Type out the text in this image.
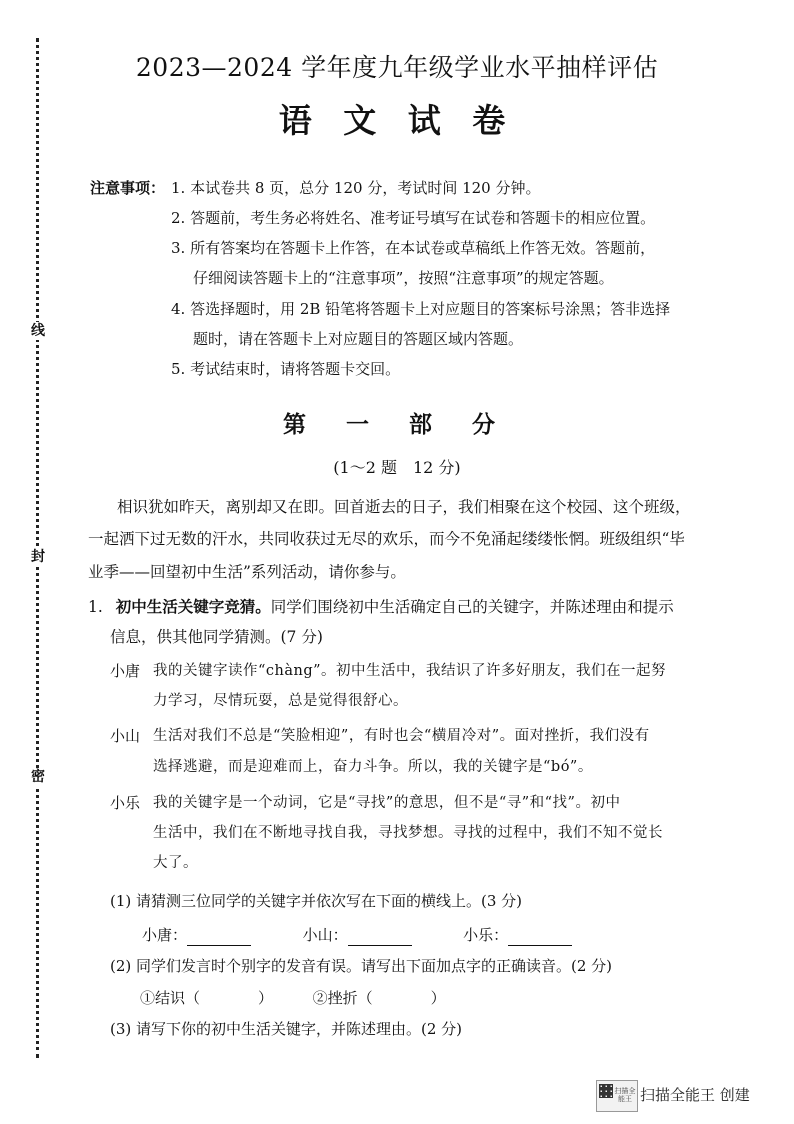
线
封
密
2023—2024 学年度九年级学业水平抽样评估
语 文 试 卷
注意事项： 1. 本试卷共 8 页，总分 120 分，考试时间 120 分钟。
2. 答题前，考生务必将姓名、准考证号填写在试卷和答题卡的相应位置。
3. 所有答案均在答题卡上作答，在本试卷或草稿纸上作答无效。答题前，
仔细阅读答题卡上的“注意事项”，按照“注意事项”的规定答题。
4. 答选择题时，用 2B 铅笔将答题卡上对应题目的答案标号涂黑；答非选择
题时，请在答题卡上对应题目的答题区域内答题。
5. 考试结束时，请将答题卡交回。
第 一 部 分
(1～2 题　12 分)
相识犹如昨天，离别却又在即。回首逝去的日子，我们相聚在这个校园、这个班级，
一起洒下过无数的汗水，共同收获过无尽的欢乐，而今不免涌起缕缕怅惘。班级组织“毕
业季——回望初中生活”系列活动，请你参与。
1. 初中生活关键字竞猜。同学们围绕初中生活确定自己的关键字，并陈述理由和提示
信息，供其他同学猜测。(7 分)
小唐 我的关键字读作“chàng”。初中生活中，我结识了许多好朋友，我们在一起努
力学习，尽情玩耍，总是觉得很舒心。
小山 生活对我们不总是“笑脸相迎”，有时也会“横眉冷对”。面对挫折，我们没有
选择逃避，而是迎难而上，奋力斗争。所以，我的关键字是“bó”。
小乐 我的关键字是一个动词，它是“寻找”的意思，但不是“寻”和“找”。初中
生活中，我们在不断地寻找自我，寻找梦想。寻找的过程中，我们不知不觉长
大了。
(1) 请猜测三位同学的关键字并依次写在下面的横线上。(3 分)
小唐：	小山：	小乐：
(2) 同学们发言时个别字的发音有误。请写出下面加点字的正确读音。(2 分)
①结识（	）	②挫折（	）
(3) 请写下你的初中生活关键字，并陈述理由。(2 分)
扫描全能王 扫描全能王 创建
